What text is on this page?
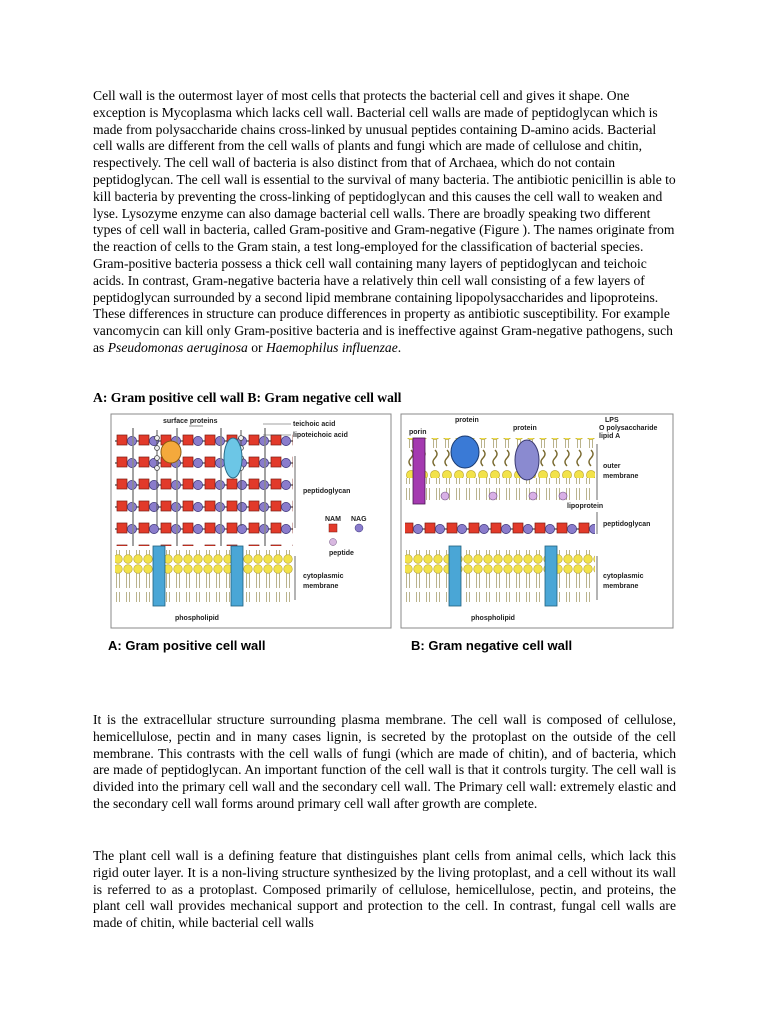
Cell wall is the outermost layer of most cells that protects the bacterial cell and gives it shape. One exception is Mycoplasma which lacks cell wall. Bacterial cell walls are made of peptidoglycan which is made from polysaccharide chains cross-linked by unusual peptides containing D-amino acids. Bacterial cell walls are different from the cell walls of plants and fungi which are made of cellulose and chitin, respectively. The cell wall of bacteria is also distinct from that of Archaea, which do not contain peptidoglycan. The cell wall is essential to the survival of many bacteria. The antibiotic penicillin is able to kill bacteria by preventing the cross-linking of peptidoglycan and this causes the cell wall to weaken and lyse. Lysozyme enzyme can also damage bacterial cell walls. There are broadly speaking two different types of cell wall in bacteria, called Gram-positive and Gram-negative (Figure ). The names originate from the reaction of cells to the Gram stain, a test long-employed for the classification of bacterial species. Gram-positive bacteria possess a thick cell wall containing many layers of peptidoglycan and teichoic acids. In contrast, Gram-negative bacteria have a relatively thin cell wall consisting of a few layers of peptidoglycan surrounded by a second lipid membrane containing lipopolysaccharides and lipoproteins. These differences in structure can produce differences in property as antibiotic susceptibility. For example vancomycin can kill only Gram-positive bacteria and is ineffective against Gram-negative pathogens, such as Pseudomonas aeruginosa or Haemophilus influenzae.

A: Gram positive cell wall B: Gram negative cell wall

surface proteins	teichoic acid
lipoteichoic acid
peptidoglycan
NAM NAG
peptide
cytoplasmic
membrane
phospholipid
porin
protein
protein
LPS
O polysaccharide
lipid A
outer
membrane
lipoprotein
peptidoglycan
cytoplasmic
membrane
phospholipid
A: Gram positive cell wall	B: Gram negative cell wall

It is the extracellular structure surrounding plasma membrane. The cell wall is composed of cellulose, hemicellulose, pectin and in many cases lignin, is secreted by the protoplast on the outside of the cell membrane. This contrasts with the cell walls of fungi (which are made of chitin), and of bacteria, which are made of peptidoglycan. An important function of the cell wall is that it controls turgity. The cell wall is divided into the primary cell wall and the secondary cell wall. The Primary cell wall: extremely elastic and the secondary cell wall forms around primary cell wall after growth are complete.

The plant cell wall is a defining feature that distinguishes plant cells from animal cells, which lack this rigid outer layer. It is a non-living structure synthesized by the living protoplast, and a cell without its wall is referred to as a protoplast. Composed primarily of cellulose, hemicellulose, pectin, and proteins, the plant cell wall provides mechanical support and protection to the cell. In contrast, fungal cell walls are made of chitin, while bacterial cell walls
